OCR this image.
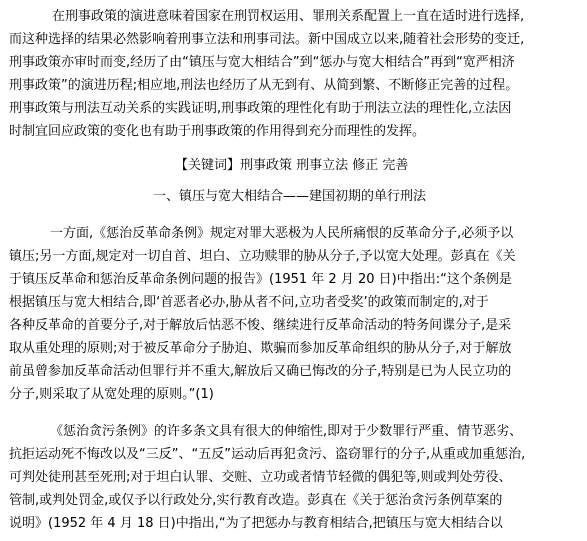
在刑事政策的演进意味着国家在刑罚权运用、罪刑关系配置上一直在适时进行选择,
而这种选择的结果必然影响着刑事立法和刑事司法。新中国成立以来,随着社会形势的变迁,
刑事政策亦审时而变,经历了由“镇压与宽大相结合”到“惩办与宽大相结合”再到“宽严相济
刑事政策”的演进历程;相应地,刑法也经历了从无到有、从简到繁、不断修正完善的过程。
刑事政策与刑法互动关系的实践证明,刑事政策的理性化有助于刑法立法的理性化,立法因
时制宜回应政策的变化也有助于刑事政策的作用得到充分而理性的发挥。
【关键词】刑事政策 刑事立法 修正 完善
一、镇压与宽大相结合——建国初期的单行刑法
一方面,《惩治反革命条例》规定对罪大恶极为人民所痛恨的反革命分子,必须予以
镇压;另一方面,规定对一切自首、坦白、立功赎罪的胁从分子,予以宽大处理。彭真在《关
于镇压反革命和惩治反革命条例问题的报告》(1951 年 2 月 20 日)中指出:“这个条例是
根据镇压与宽大相结合,即‘首恶者必办,胁从者不问,立功者受奖’的政策而制定的,对于
各种反革命的首要分子,对于解放后怙恶不悛、继续进行反革命活动的特务间谍分子,是采
取从重处理的原则;对于被反革命分子胁迫、欺骗而参加反革命组织的胁从分子,对于解放
前虽曾参加反革命活动但罪行并不重大,解放后又确已悔改的分子,特别是已为人民立功的
分子,则采取了从宽处理的原则。”(1)
《惩治贪污条例》的许多条文具有很大的伸缩性,即对于少数罪行严重、情节恶劣、
抗拒运动死不悔改以及“三反”、“五反”运动后再犯贪污、盗窃罪行的分子,从重或加重惩治,
可判处徒刑甚至死刑;对于坦白认罪、交赃、立功或者情节轻微的偶犯等,则或判处劳役、
管制,或判处罚金,或仅予以行政处分,实行教育改造。彭真在《关于惩治贪污条例草案的
说明》(1952 年 4 月 18 日)中指出,“为了把惩办与教育相结合,把镇压与宽大相结合以
